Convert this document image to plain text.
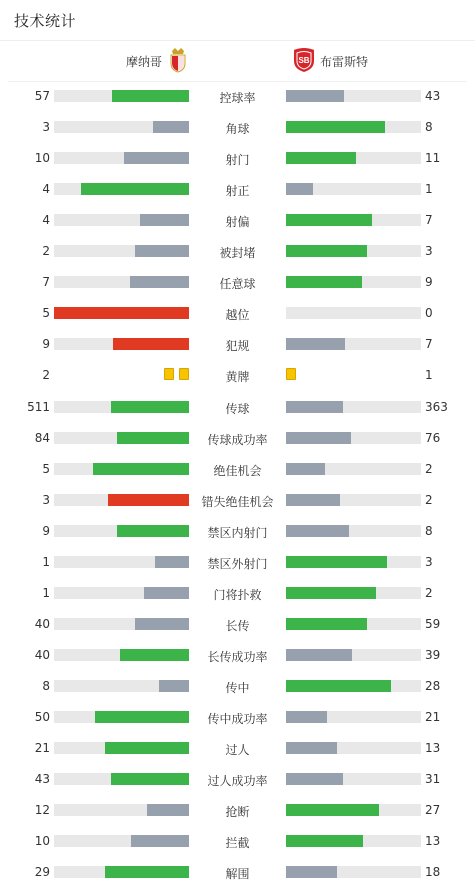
技术统计
摩纳哥	SB 布雷斯特
57	控球率	43
3	角球	8
10	射门	11
4	射正	1
4	射偏	7
2	被封堵	3
7	任意球	9
5	越位	0
9	犯规	7
2	黄牌	1
511	传球	363
84	传球成功率	76
5	绝佳机会	2
3	错失绝佳机会	2
9	禁区内射门	8
1	禁区外射门	3
1	门将扑救	2
40	长传	59
40	长传成功率	39
8	传中	28
50	传中成功率	21
21	过人	13
43	过人成功率	31
12	抢断	27
10	拦截	13
29	解围	18
